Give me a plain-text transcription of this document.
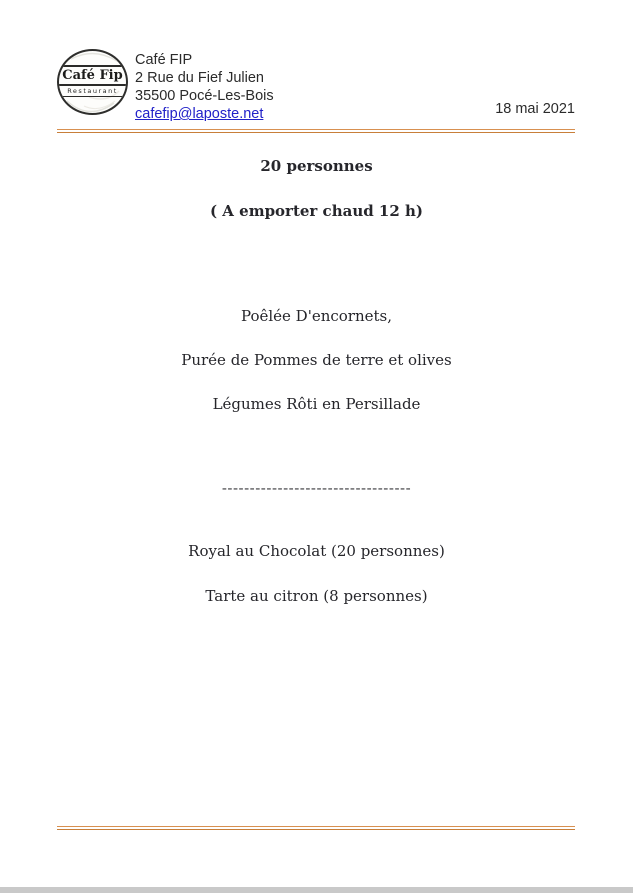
Café Fip
Restaurant
Café FIP
2 Rue du Fief Julien
35500 Pocé-Les-Bois
cafefip@laposte.net	18 mai 2021
20 personnes
( A emporter chaud 12 h)
Poêlée D'encornets,
Purée de Pommes de terre et olives
Légumes Rôti en Persillade
----------------------------------
Royal au Chocolat (20 personnes)
Tarte au citron (8 personnes)
